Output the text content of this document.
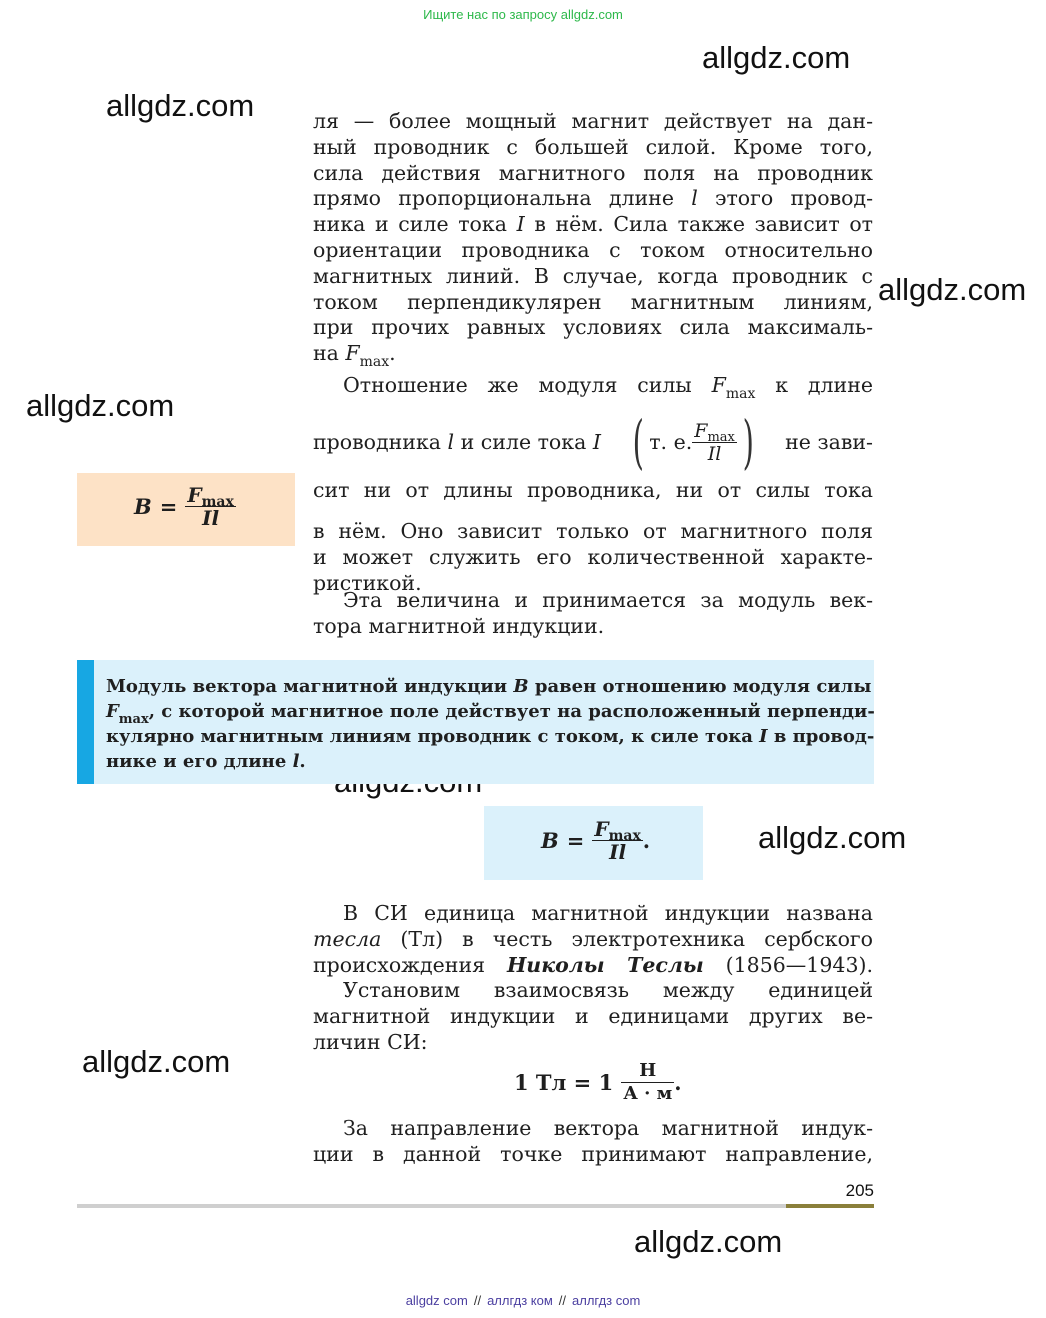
Ищите нас по запросу allgdz.com
allgdz.com
allgdz.com
allgdz.com
allgdz.com
allgdz.com
allgdz.com
allgdz.com
ля — более мощный магнит действует на дан-
ный проводник с большей силой. Кроме того,
сила действия магнитного поля на проводник
прямо пропорциональна длине l этого провод-
ника и силе тока I в нём. Сила также зависит от
ориентации проводника с током относительно
магнитных линий. В случае, когда проводник с
током перпендикулярен магнитным линиям,
при прочих равных условиях сила максималь-
на $F_{max}$.
Отношение же модуля силы $F_{max}$ к длине
проводника l и силе тока I ( т. е. $\frac{F_{max}}{Il}$ ) не зави-
сит ни от длины проводника, ни от силы тока
в нём. Оно зависит только от магнитного поля
и может служить его количественной характе-
ристикой.
Эта величина и принимается за модуль век-
тора магнитной индукции.
$B = \frac{F_{max}}{Il}$
Модуль вектора магнитной индукции B равен отношению модуля силы
$F_{max}$, с которой магнитное поле действует на расположенный перпенди-
кулярно магнитным линиям проводник с током, к силе тока I в провод-
нике и его длине l.
$B = \frac{F_{max}}{Il}$ .
В СИ единица магнитной индукции названа
тесла (Тл) в честь электротехника сербского
происхождения Николы Теслы (1856—1943).
Установим взаимосвязь между единицей
магнитной индукции и единицами других ве-
личин СИ:
1 Тл = $1 \frac{Н}{А \cdot м}$ .
За направление вектора магнитной индук-
ции в данной точке принимают направление,
205
allgdz com // аллгдз ком // аллгдз com
